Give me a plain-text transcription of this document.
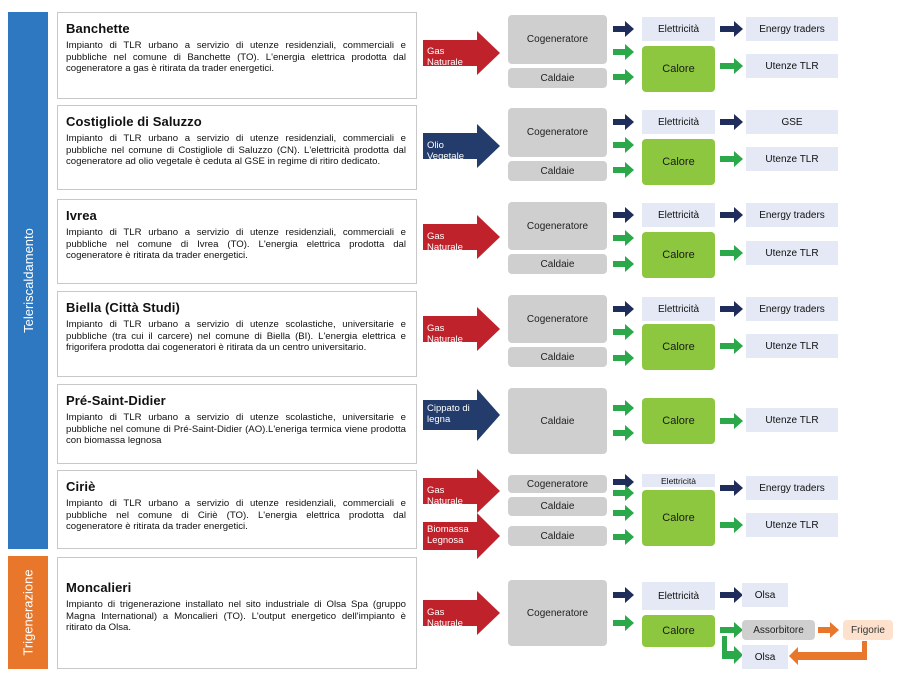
Teleriscaldamento
Trigenerazione
Banchette
Impianto di TLR urbano a servizio di utenze residenziali, commerciali e pubbliche nel comune di Banchette (TO). L'energia elettrica prodotta dal cogeneratore a gas è ritirata da trader energetici.
Costigliole di Saluzzo
Impianto di TLR urbano a servizio di utenze residenziali, commerciali e pubbliche nel comune di Costigliole di Saluzzo (CN). L'elettricità prodotta dal cogeneratore ad olio vegetale è ceduta al GSE in regime di ritiro dedicato.
Ivrea
Impianto di TLR urbano a servizio di utenze residenziali, commerciali e pubbliche nel comune di Ivrea (TO). L'energia elettrica prodotta dal cogeneratore è ritirata da trader energetici.
Biella (Città Studi)
Impianto di TLR urbano a servizio di utenze scolastiche, universitarie e pubbliche (tra cui il carcere) nel comune di Biella (BI). L'energia elettrica e frigorifera prodotta dai cogeneratori è ritirata da un centro universitario.
Pré-Saint-Didier
Impianto di TLR urbano a servizio di utenze scolastiche, universitarie e pubbliche nel comune di Pré-Saint-Didier (AO).L'eneriga termica viene prodotta con biomassa legnosa
Ciriè
Impianto di TLR urbano a servizio di utenze residenziali, commerciali e pubbliche nel comune di Ciriè (TO). L'energia elettrica prodotta dal cogeneratore è ritirata da trader energetici.
Moncalieri
Impianto di trigenerazione installato nel sito industriale di Olsa Spa (gruppo Magna International) a Moncalieri (TO). L'output energetico dell'impianto è ritirato da Olsa.
Gas Naturale
Olio Vegetale
Gas Naturale
Gas Naturale
Cippato di legna
Gas Naturale
Biomassa Legnosa
Gas Naturale
Cogeneratore
Caldaie
Elettricità
Calore
Energy traders
Utenze TLR
Cogeneratore
Caldaie
Elettricità
Calore
GSE
Utenze TLR
Cogeneratore
Caldaie
Elettricità
Calore
Energy traders
Utenze TLR
Cogeneratore
Caldaie
Elettricità
Calore
Energy traders
Utenze TLR
Caldaie	Calore	Utenze TLR
Cogeneratore
Caldaie
Caldaie
Elettricità
Calore
Energy traders
Utenze TLR
Cogeneratore
Elettricità
Calore
Olsa
Assorbitore	Frigorie
Olsa
